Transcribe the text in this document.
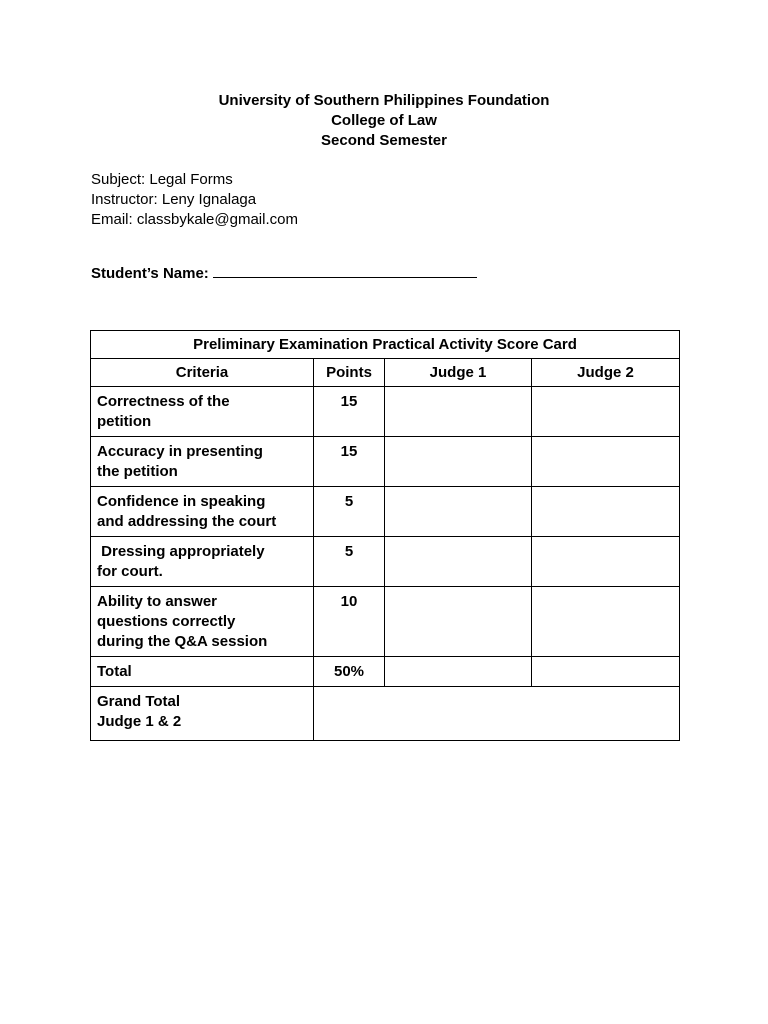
University of Southern Philippines Foundation
College of Law
Second Semester
Subject: Legal Forms
Instructor: Leny Ignalaga
Email: classbykale@gmail.com
Student’s Name:
Preliminary Examination Practical Activity Score Card			
Criteria	Points	Judge 1	Judge 2

Correctness of the
petition	15		

Accuracy in presenting
the petition	15		

Confidence in speaking
and addressing the court	5		

Dressing appropriately
for court.	5		

Ability to answer
questions correctly
during the Q&A session	10		
Total	50%		

Grand Total
Judge 1 & 2			
